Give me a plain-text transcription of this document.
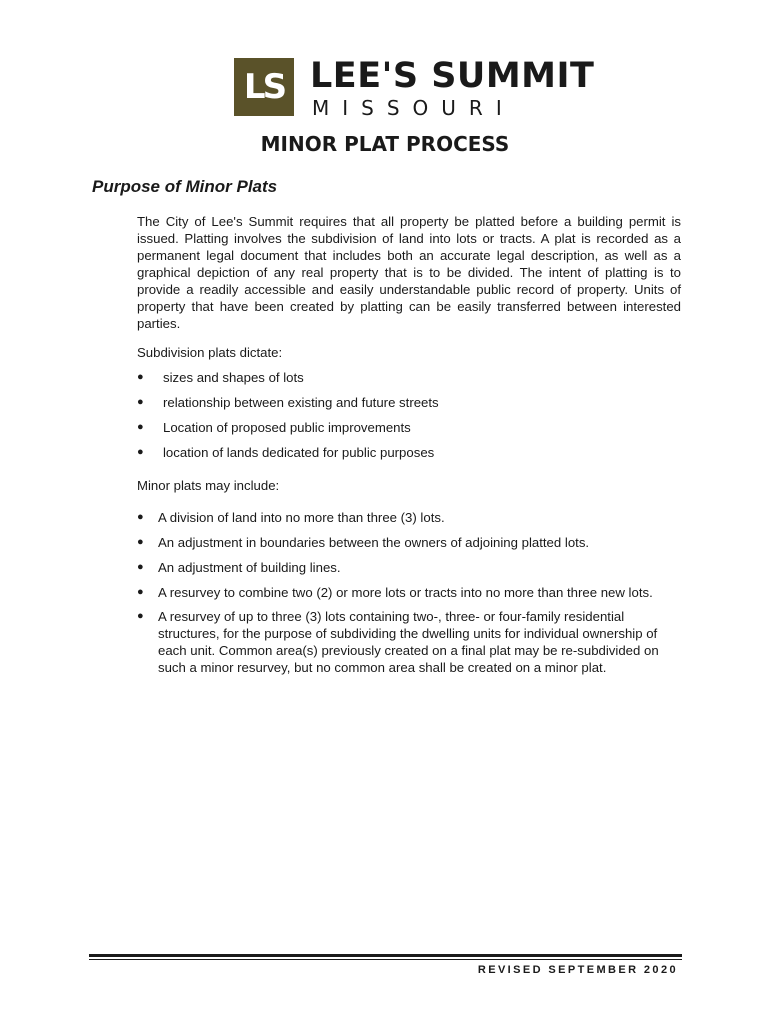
LS LEE'S SUMMIT
MISSOURI
MINOR PLAT PROCESS
Purpose of Minor Plats
The City of Lee's Summit requires that all property be platted before a building permit is issued. Platting involves the subdivision of land into lots or tracts. A plat is recorded as a permanent legal document that includes both an accurate legal description, as well as a graphical depiction of any real property that is to be divided. The intent of platting is to provide a readily accessible and easily understandable public record of property. Units of property that have been created by platting can be easily transferred between interested parties.
Subdivision plats dictate:
● sizes and shapes of lots
● relationship between existing and future streets
● Location of proposed public improvements
● location of lands dedicated for public purposes
Minor plats may include:
● A division of land into no more than three (3) lots.
● An adjustment in boundaries between the owners of adjoining platted lots.
● An adjustment of building lines.
● A resurvey to combine two (2) or more lots or tracts into no more than three new lots.
● A resurvey of up to three (3) lots containing two-, three- or four-family residential structures, for the purpose of subdividing the dwelling units for individual ownership of each unit. Common area(s) previously created on a final plat may be re-subdivided on such a minor resurvey, but no common area shall be created on a minor plat.
REVISED SEPTEMBER 2020
